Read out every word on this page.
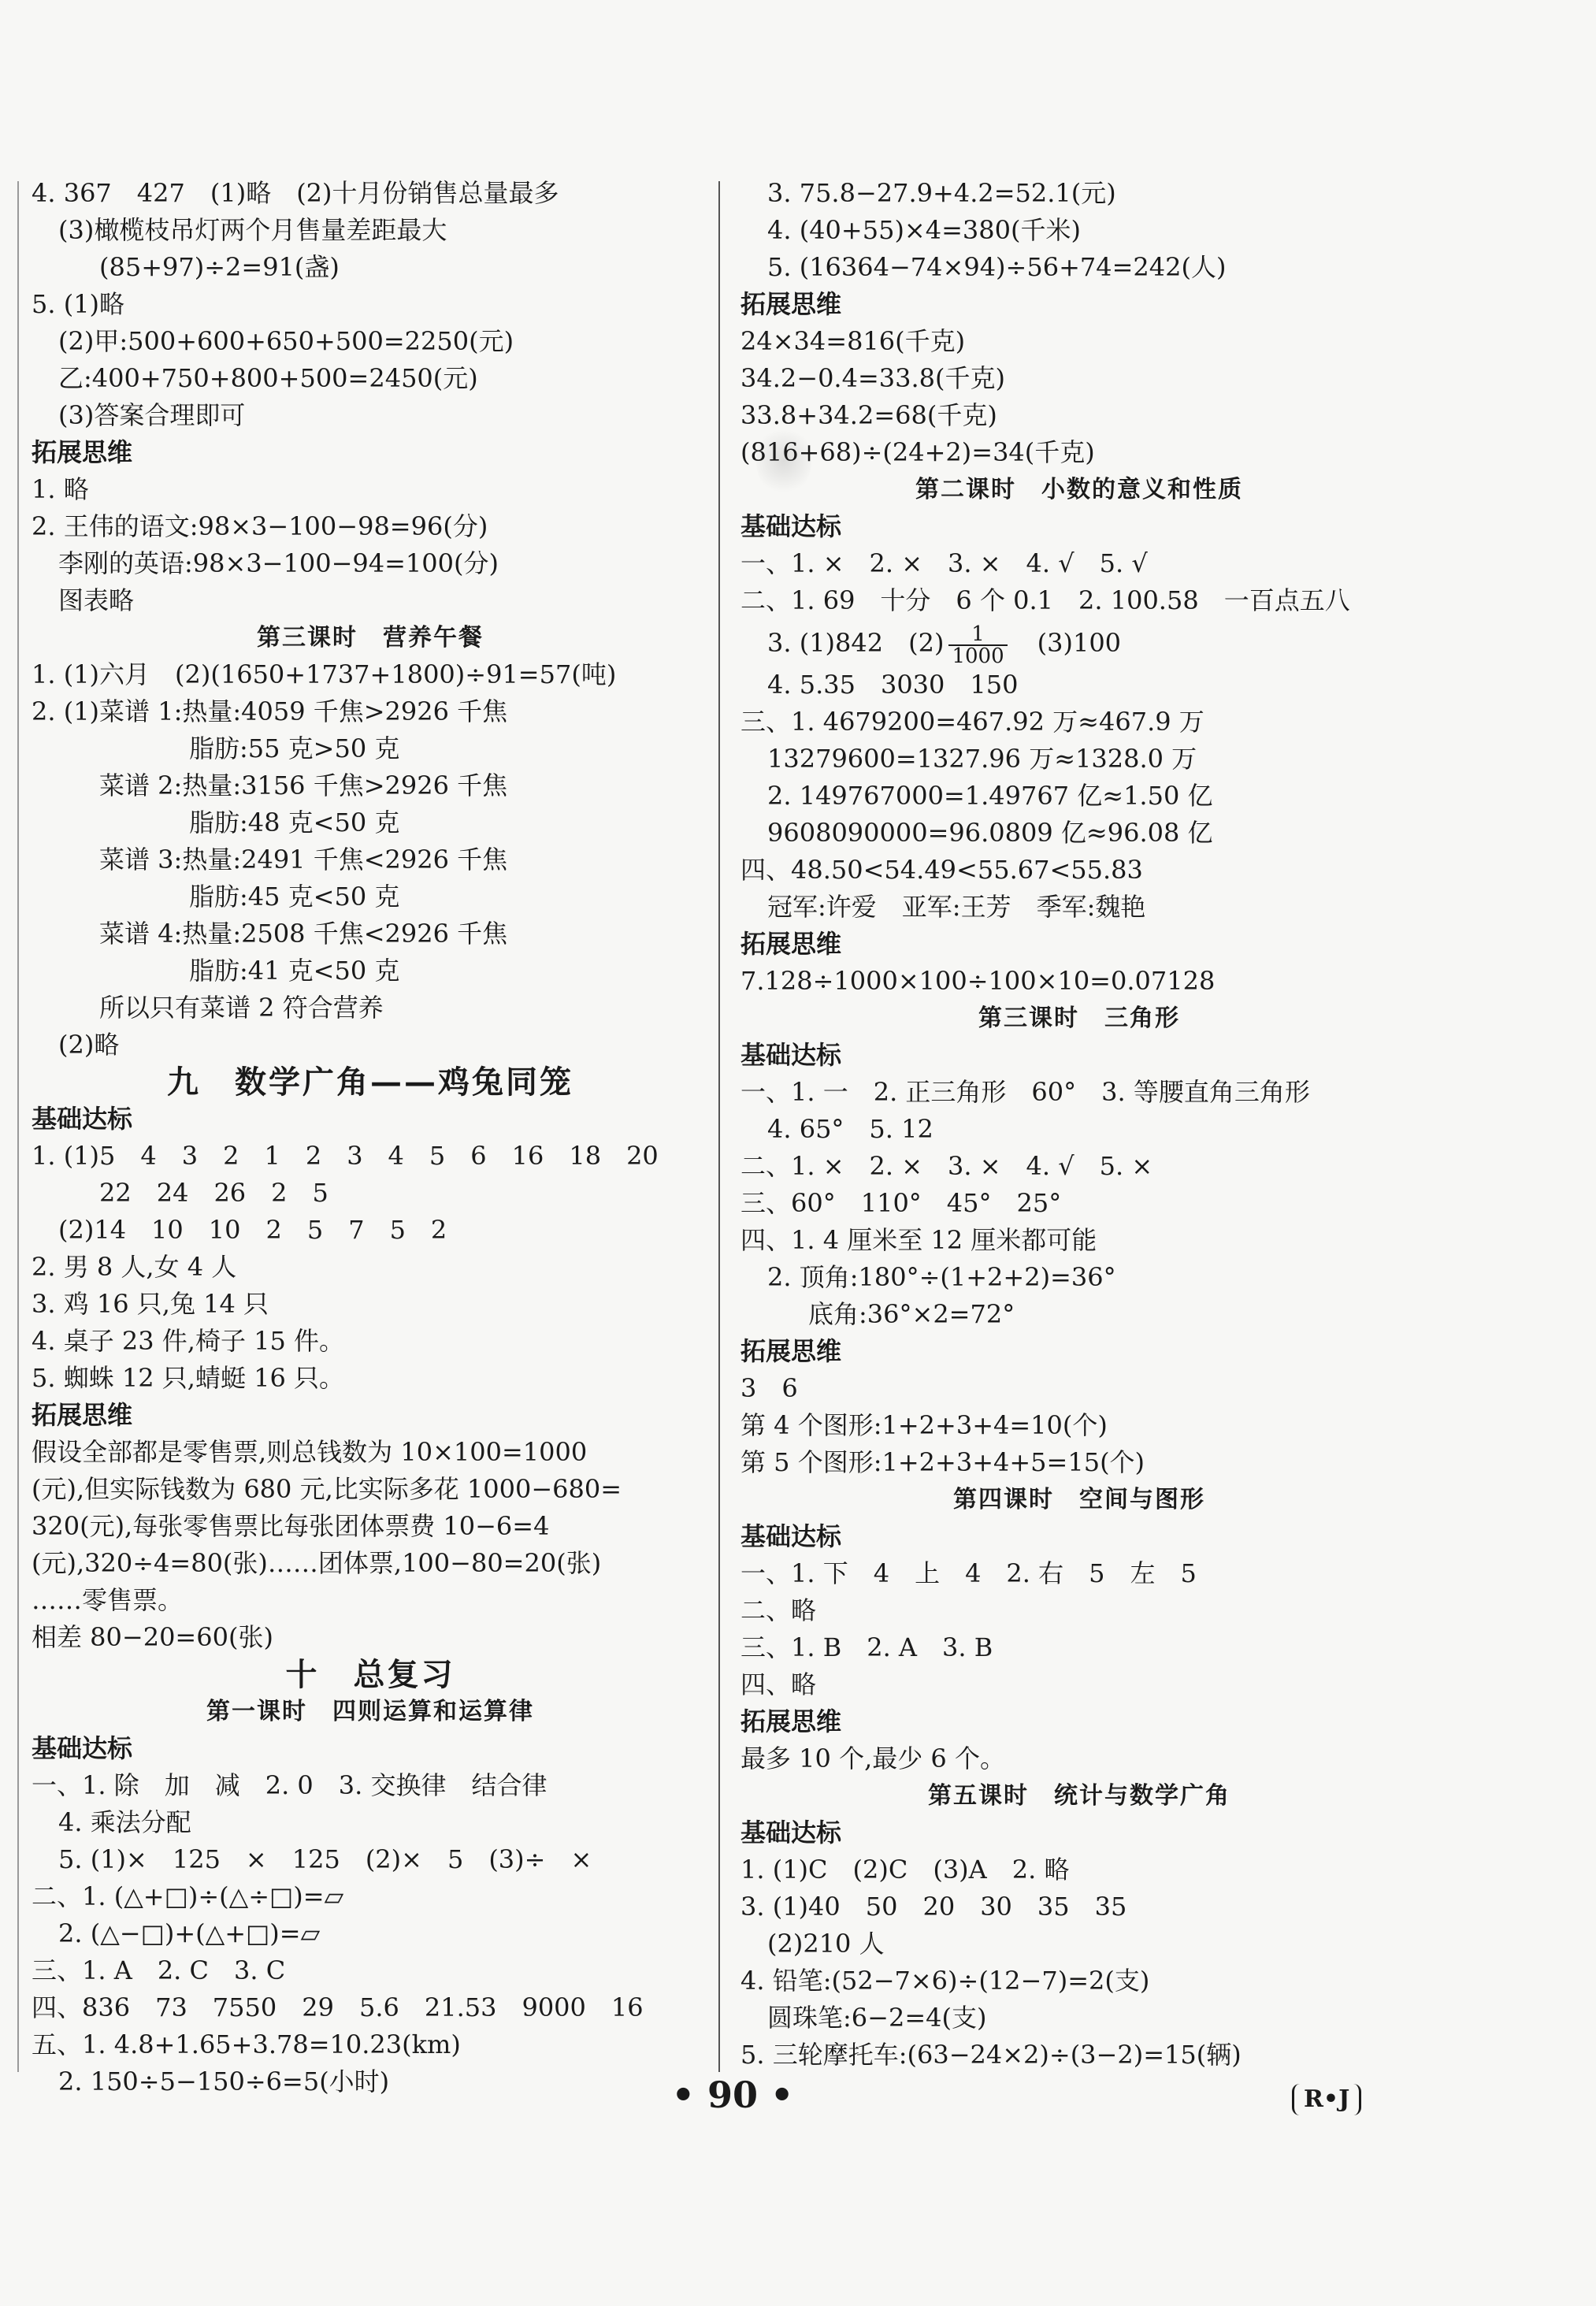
4. 367　427　(1)略　(2)十月份销售总量最多
(3)橄榄枝吊灯两个月售量差距最大
(85+97)÷2=91(盏)
5. (1)略
(2)甲:500+600+650+500=2250(元)
乙:400+750+800+500=2450(元)
(3)答案合理即可
拓展思维
1. 略
2. 王伟的语文:98×3−100−98=96(分)
李刚的英语:98×3−100−94=100(分)
图表略
第三课时　营养午餐
1. (1)六月　(2)(1650+1737+1800)÷91=57(吨)
2. (1)菜谱 1:热量:4059 千焦>2926 千焦
脂肪:55 克>50 克
菜谱 2:热量:3156 千焦>2926 千焦
脂肪:48 克<50 克
菜谱 3:热量:2491 千焦<2926 千焦
脂肪:45 克<50 克
菜谱 4:热量:2508 千焦<2926 千焦
脂肪:41 克<50 克
所以只有菜谱 2 符合营养
(2)略
九　数学广角——鸡兔同笼
基础达标
1. (1)5　4　3　2　1　2　3　4　5　6　16　18　20
22　24　26　2　5
(2)14　10　10　2　5　7　5　2
2. 男 8 人,女 4 人
3. 鸡 16 只,兔 14 只
4. 桌子 23 件,椅子 15 件。
5. 蜘蛛 12 只,蜻蜓 16 只。
拓展思维
假设全部都是零售票,则总钱数为 10×100=1000
(元),但实际钱数为 680 元,比实际多花 1000−680=
320(元),每张零售票比每张团体票费 10−6=4
(元),320÷4=80(张)……团体票,100−80=20(张)
……零售票。
相差 80−20=60(张)
十　总复习
第一课时　四则运算和运算律
基础达标
一、1. 除　加　减　2. 0　3. 交换律　结合律
4. 乘法分配
5. (1)×　125　×　125　(2)×　5　(3)÷　×
二、1. (△+□)÷(△÷□)=▱
2. (△−□)+(△+□)=▱
三、1. A　2. C　3. C
四、836　73　7550　29　5.6　21.53　9000　16
五、1. 4.8+1.65+3.78=10.23(km)
2. 150÷5−150÷6=5(小时)
3. 75.8−27.9+4.2=52.1(元)
4. (40+55)×4=380(千米)
5. (16364−74×94)÷56+74=242(人)
拓展思维
24×34=816(千克)
34.2−0.4=33.8(千克)
33.8+34.2=68(千克)
(816+68)÷(24+2)=34(千克)
第二课时　小数的意义和性质
基础达标
一、1. ×　2. ×　3. ×　4. √　5. √
二、1. 69　十分　6 个 0.1　2. 100.58　一百点五八
3. (1)842　$(2) \frac{1}{1000}$ 　(3)100
4. 5.35　3030　150
三、1. 4679200=467.92 万≈467.9 万
13279600=1327.96 万≈1328.0 万
2. 149767000=1.49767 亿≈1.50 亿
9608090000=96.0809 亿≈96.08 亿
四、48.50<54.49<55.67<55.83
冠军:许爱　亚军:王芳　季军:魏艳
拓展思维
7.128÷1000×100÷100×10=0.07128
第三课时　三角形
基础达标
一、1. 一　2. 正三角形　60°　3. 等腰直角三角形
4. 65°　5. 12
二、1. ×　2. ×　3. ×　4. √　5. ×
三、60°　110°　45°　25°
四、1. 4 厘米至 12 厘米都可能
2. 顶角:180°÷(1+2+2)=36°
底角:36°×2=72°
拓展思维
3　6
第 4 个图形:1+2+3+4=10(个)
第 5 个图形:1+2+3+4+5=15(个)
第四课时　空间与图形
基础达标
一、1. 下　4　上　4　2. 右　5　左　5
二、略
三、1. B　2. A　3. B
四、略
拓展思维
最多 10 个,最少 6 个。
第五课时　统计与数学广角
基础达标
1. (1)C　(2)C　(3)A　2. 略
3. (1)40　50　20　30　35　35
(2)210 人
4. 铅笔:(52−7×6)÷(12−7)=2(支)
圆珠笔:6−2=4(支)
5. 三轮摩托车:(63−24×2)÷(3−2)=15(辆)
• 90 •	R•J
